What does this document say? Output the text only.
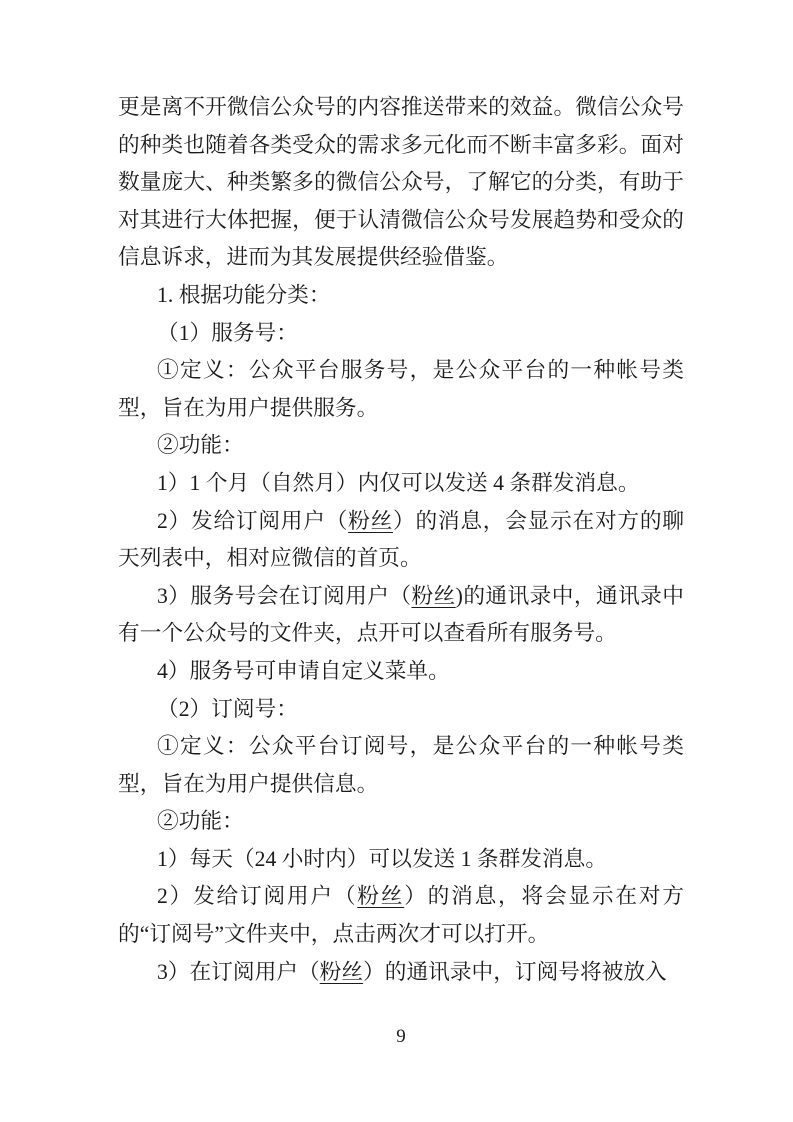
更是离不开微信公众号的内容推送带来的效益。微信公众号的种类也随着各类受众的需求多元化而不断丰富多彩。面对数量庞大、种类繁多的微信公众号，了解它的分类，有助于对其进行大体把握，便于认清微信公众号发展趋势和受众的信息诉求，进而为其发展提供经验借鉴。

1. 根据功能分类：

（1）服务号：

①定义：公众平台服务号，是公众平台的一种帐号类型，旨在为用户提供服务。

②功能：

1）1 个月（自然月）内仅可以发送 4 条群发消息。

2）发给订阅用户（粉丝）的消息，会显示在对方的聊天列表中，相对应微信的首页。

3）服务号会在订阅用户（粉丝)的通讯录中，通讯录中有一个公众号的文件夹，点开可以查看所有服务号。

4）服务号可申请自定义菜单。

（2）订阅号：

①定义：公众平台订阅号，是公众平台的一种帐号类型，旨在为用户提供信息。

②功能：

1）每天（24 小时内）可以发送 1 条群发消息。

2）发给订阅用户（粉丝）的消息，将会显示在对方的“订阅号”文件夹中，点击两次才可以打开。

3）在订阅用户（粉丝）的通讯录中，订阅号将被放入

9
